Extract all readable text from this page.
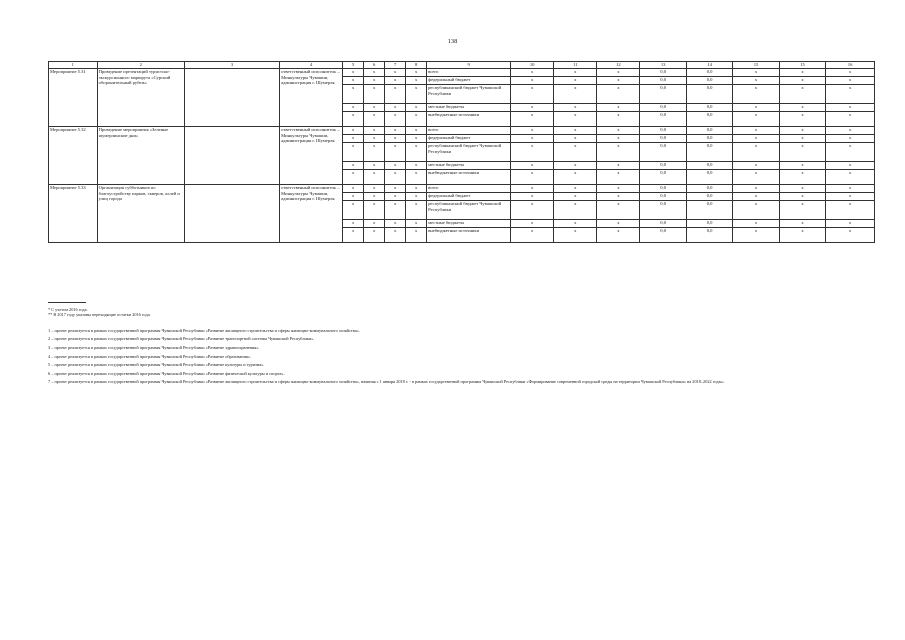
138
1	2	3	4	5	6	7	8	9	10	11	12	13	14	15	15	16
Мероприятие 5.31	Проведение презентаций туристско-экскурсионного маршрута «Сурский оборонительный рубеж»		ответственный исполнитель – Минкультуры Чувашии, администрация г. Шумерля	x	x	x	x	всего	x	x	x	0,0	0,0	x	x	x
				x	x	x	x	федеральный бюджет	x	x	x	0,0	0,0	x	x	x
				x	x	x	x	республиканский бюджет Чувашской Республики	x	x	x	0,0	0,0	x	x	x
				x	x	x	x	местные бюджеты	x	x	x	0,0	0,0	x	x	x
				x	x	x	x	внебюджетные источники	x	x	x	0,0	0,0	x	x	x
Мероприятие 5.32	Проведение мероприятия «Зеленые шумерлинские дни»		ответственный исполнитель – Минкультуры Чувашии, администрация г. Шумерля	x	x	x	x	всего	x	x	x	0,0	0,0	x	x	x
				x	x	x	x	федеральный бюджет	x	x	x	0,0	0,0	x	x	x
				x	x	x	x	республиканский бюджет Чувашской Республики	x	x	x	0,0	0,0	x	x	x
				x	x	x	x	местные бюджеты	x	x	x	0,0	0,0	x	x	x
				x	x	x	x	внебюджетные источники	x	x	x	0,0	0,0	x	x	x
Мероприятие 5.33	Организация субботников по благоустройству парков, скверов, аллей и улиц города		ответственный исполнитель – Минкультуры Чувашии, администрация г. Шумерля	x	x	x	x	всего	x	x	x	0,0	0,0	x	x	x
				x	x	x	x	федеральный бюджет	x	x	x	0,0	0,0	x	x	x
				x	x	x	x	республиканский бюджет Чувашской Республики	x	x	x	0,0	0,0	x	x	x
				x	x	x	x	местные бюджеты	x	x	x	0,0	0,0	x	x	x
				x	x	x	x	внебюджетные источники	x	x	x	0,0	0,0	x	x	x

* С учетом 2016 года.

** В 2017 году указаны переходящие остатки 2016 года.

1 – проект реализуется в рамках государственной программы Чувашской Республики «Развитие жилищного строительства и сферы жилищно-коммунального хозяйства».

2 – проект реализуется в рамках государственной программы Чувашской Республики «Развитие транспортной системы Чувашской Республики».

3 – проект реализуется в рамках государственной программы Чувашской Республики «Развитие здравоохранения».

4 – проект реализуется в рамках государственной программы Чувашской Республики «Развитие образования».

5 – проект реализуется в рамках государственной программы Чувашской Республики «Развитие культуры и туризма».

6 – проект реализуется в рамках государственной программы Чувашской Республики «Развитие физической культуры и спорта».

7 – проект реализуется в рамках государственной программы Чувашской Республики «Развитие жилищного строительства и сферы жилищно-коммунального хозяйства», начиная с 1 января 2018 г. - в рамках государственной программы Чувашской Республики «Формирование современной городской среды на территории Чувашской Республики» на 2018–2022 годы».
